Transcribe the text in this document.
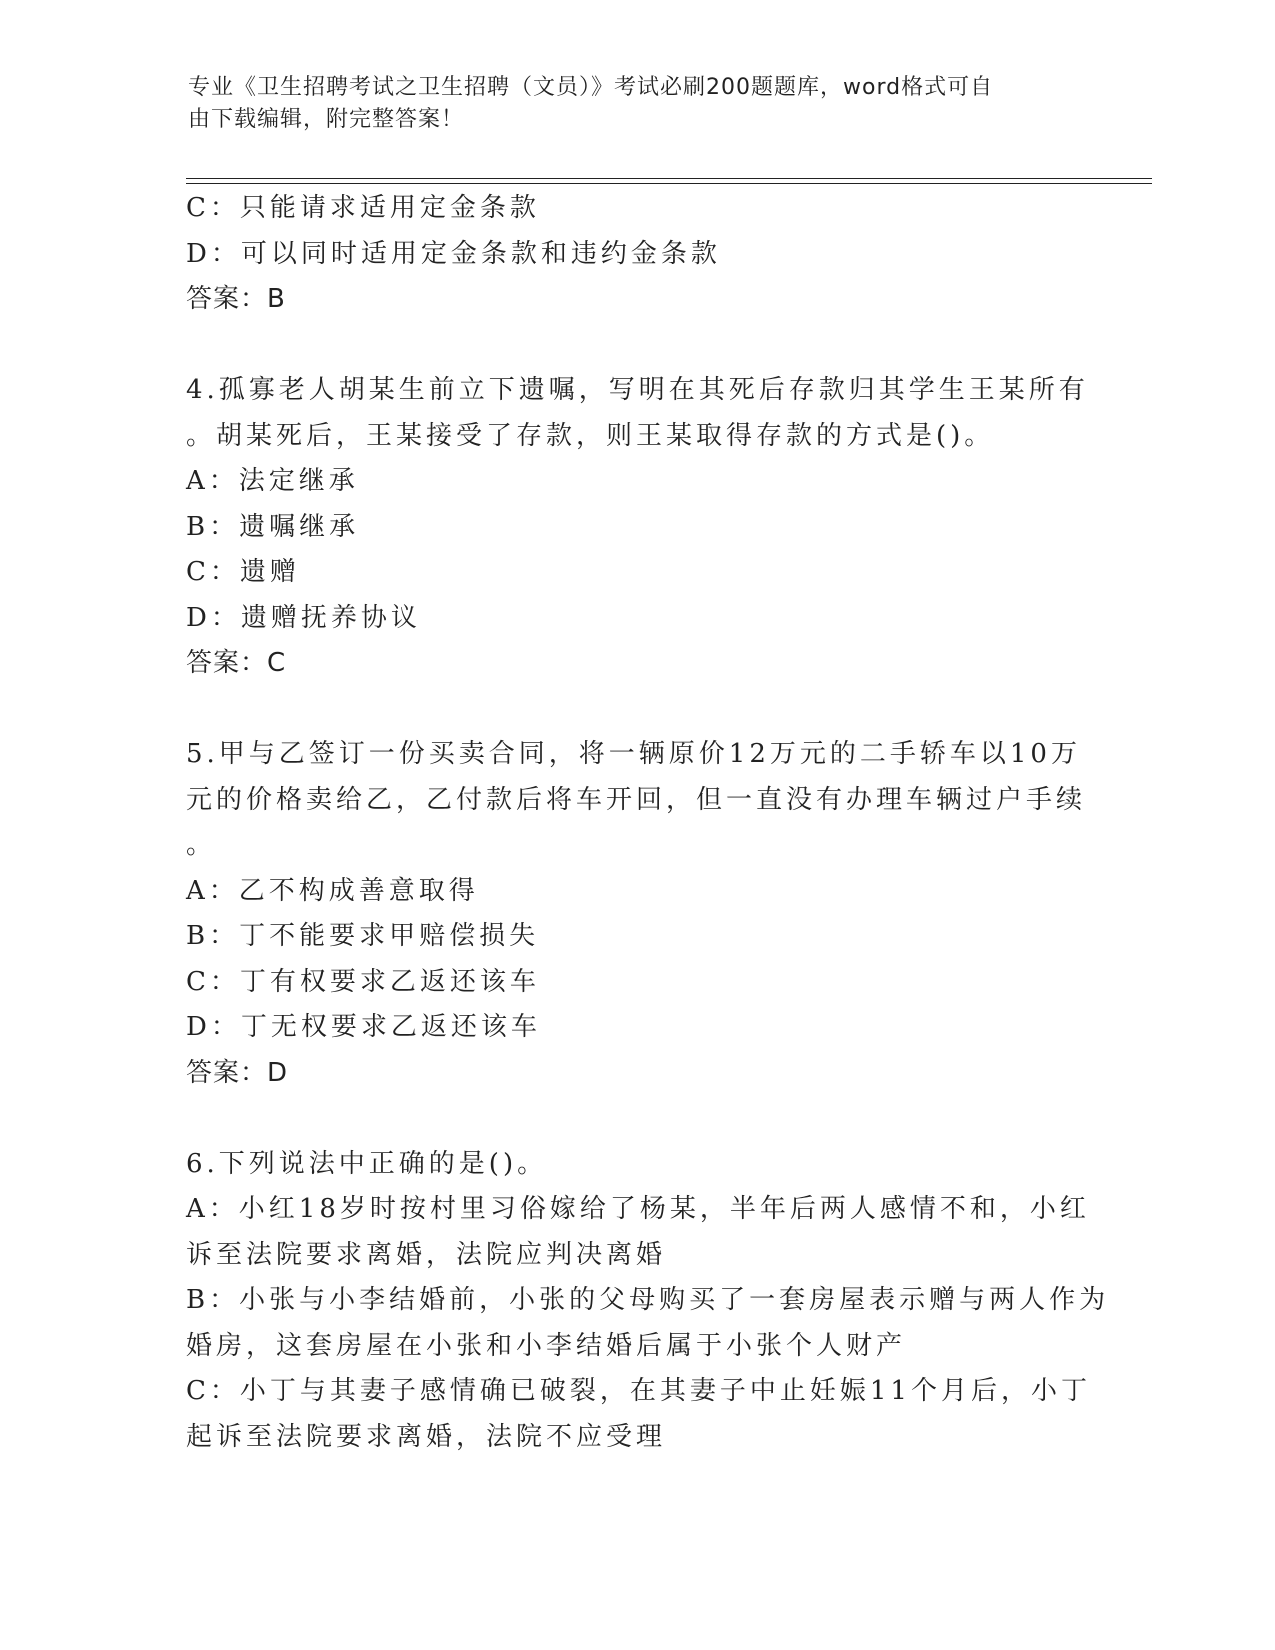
专业《卫生招聘考试之卫生招聘（文员）》考试必刷200题题库，word格式可自
由下载编辑，附完整答案！
C：只能请求适用定金条款
D：可以同时适用定金条款和违约金条款
答案：B
4.孤寡老人胡某生前立下遗嘱，写明在其死后存款归其学生王某所有
。胡某死后，王某接受了存款，则王某取得存款的方式是()。
A：法定继承
B：遗嘱继承
C：遗赠
D：遗赠抚养协议
答案：C
5.甲与乙签订一份买卖合同，将一辆原价12万元的二手轿车以10万
元的价格卖给乙，乙付款后将车开回，但一直没有办理车辆过户手续
。
A：乙不构成善意取得
B：丁不能要求甲赔偿损失
C：丁有权要求乙返还该车
D：丁无权要求乙返还该车
答案：D
6.下列说法中正确的是()。
A：小红18岁时按村里习俗嫁给了杨某，半年后两人感情不和，小红
诉至法院要求离婚，法院应判决离婚
B：小张与小李结婚前，小张的父母购买了一套房屋表示赠与两人作为
婚房，这套房屋在小张和小李结婚后属于小张个人财产
C：小丁与其妻子感情确已破裂，在其妻子中止妊娠11个月后，小丁
起诉至法院要求离婚，法院不应受理
